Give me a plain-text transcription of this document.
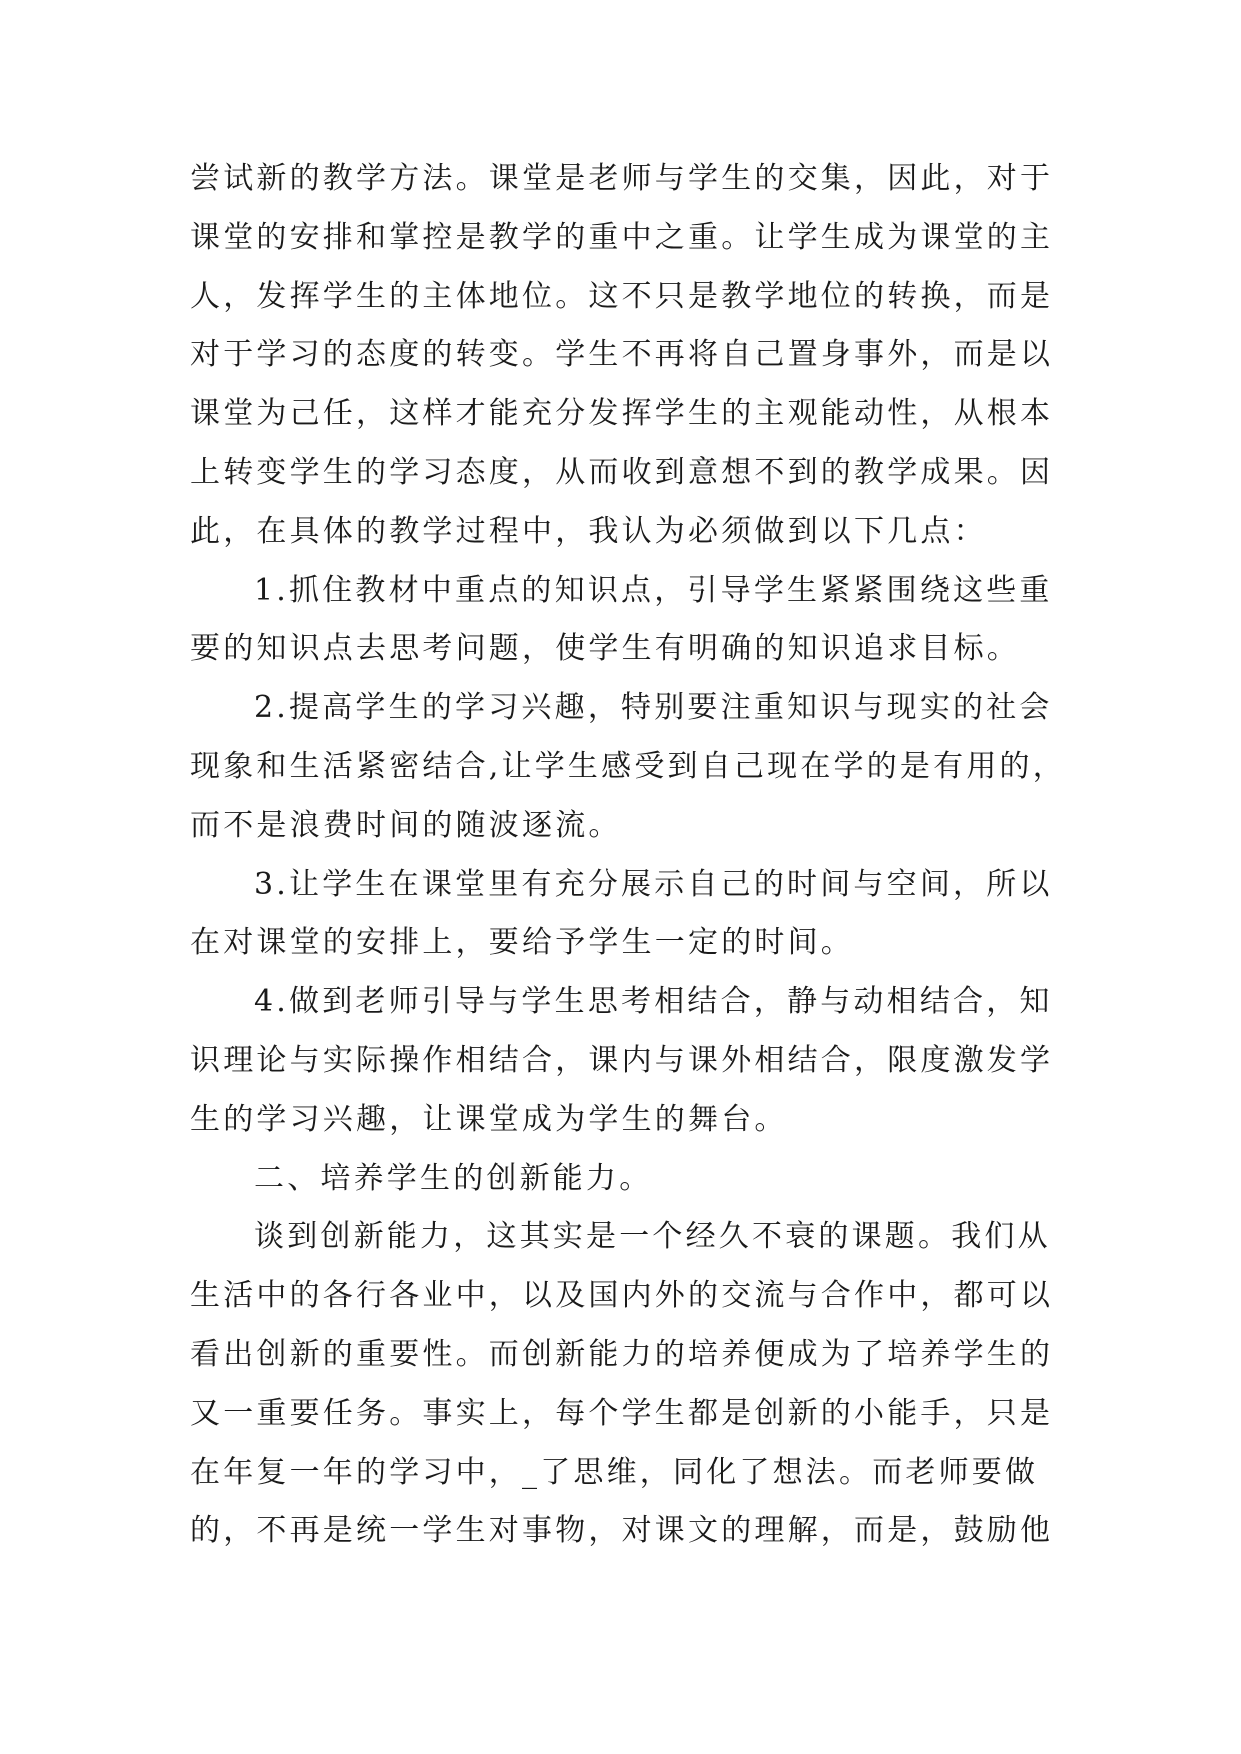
尝试新的教学方法。课堂是老师与学生的交集，因此，对于
课堂的安排和掌控是教学的重中之重。让学生成为课堂的主
人，发挥学生的主体地位。这不只是教学地位的转换，而是
对于学习的态度的转变。学生不再将自己置身事外，而是以
课堂为己任，这样才能充分发挥学生的主观能动性，从根本
上转变学生的学习态度，从而收到意想不到的教学成果。因
此，在具体的教学过程中，我认为必须做到以下几点：
1.抓住教材中重点的知识点，引导学生紧紧围绕这些重
要的知识点去思考问题，使学生有明确的知识追求目标。
2.提高学生的学习兴趣，特别要注重知识与现实的社会
现象和生活紧密结合,让学生感受到自己现在学的是有用的，
而不是浪费时间的随波逐流。
3.让学生在课堂里有充分展示自己的时间与空间，所以
在对课堂的安排上，要给予学生一定的时间。
4.做到老师引导与学生思考相结合，静与动相结合，知
识理论与实际操作相结合，课内与课外相结合，限度激发学
生的学习兴趣，让课堂成为学生的舞台。
二、培养学生的创新能力。
谈到创新能力，这其实是一个经久不衰的课题。我们从
生活中的各行各业中，以及国内外的交流与合作中，都可以
看出创新的重要性。而创新能力的培养便成为了培养学生的
又一重要任务。事实上，每个学生都是创新的小能手，只是
在年复一年的学习中，_了思维，同化了想法。而老师要做
的，不再是统一学生对事物，对课文的理解，而是，鼓励他
